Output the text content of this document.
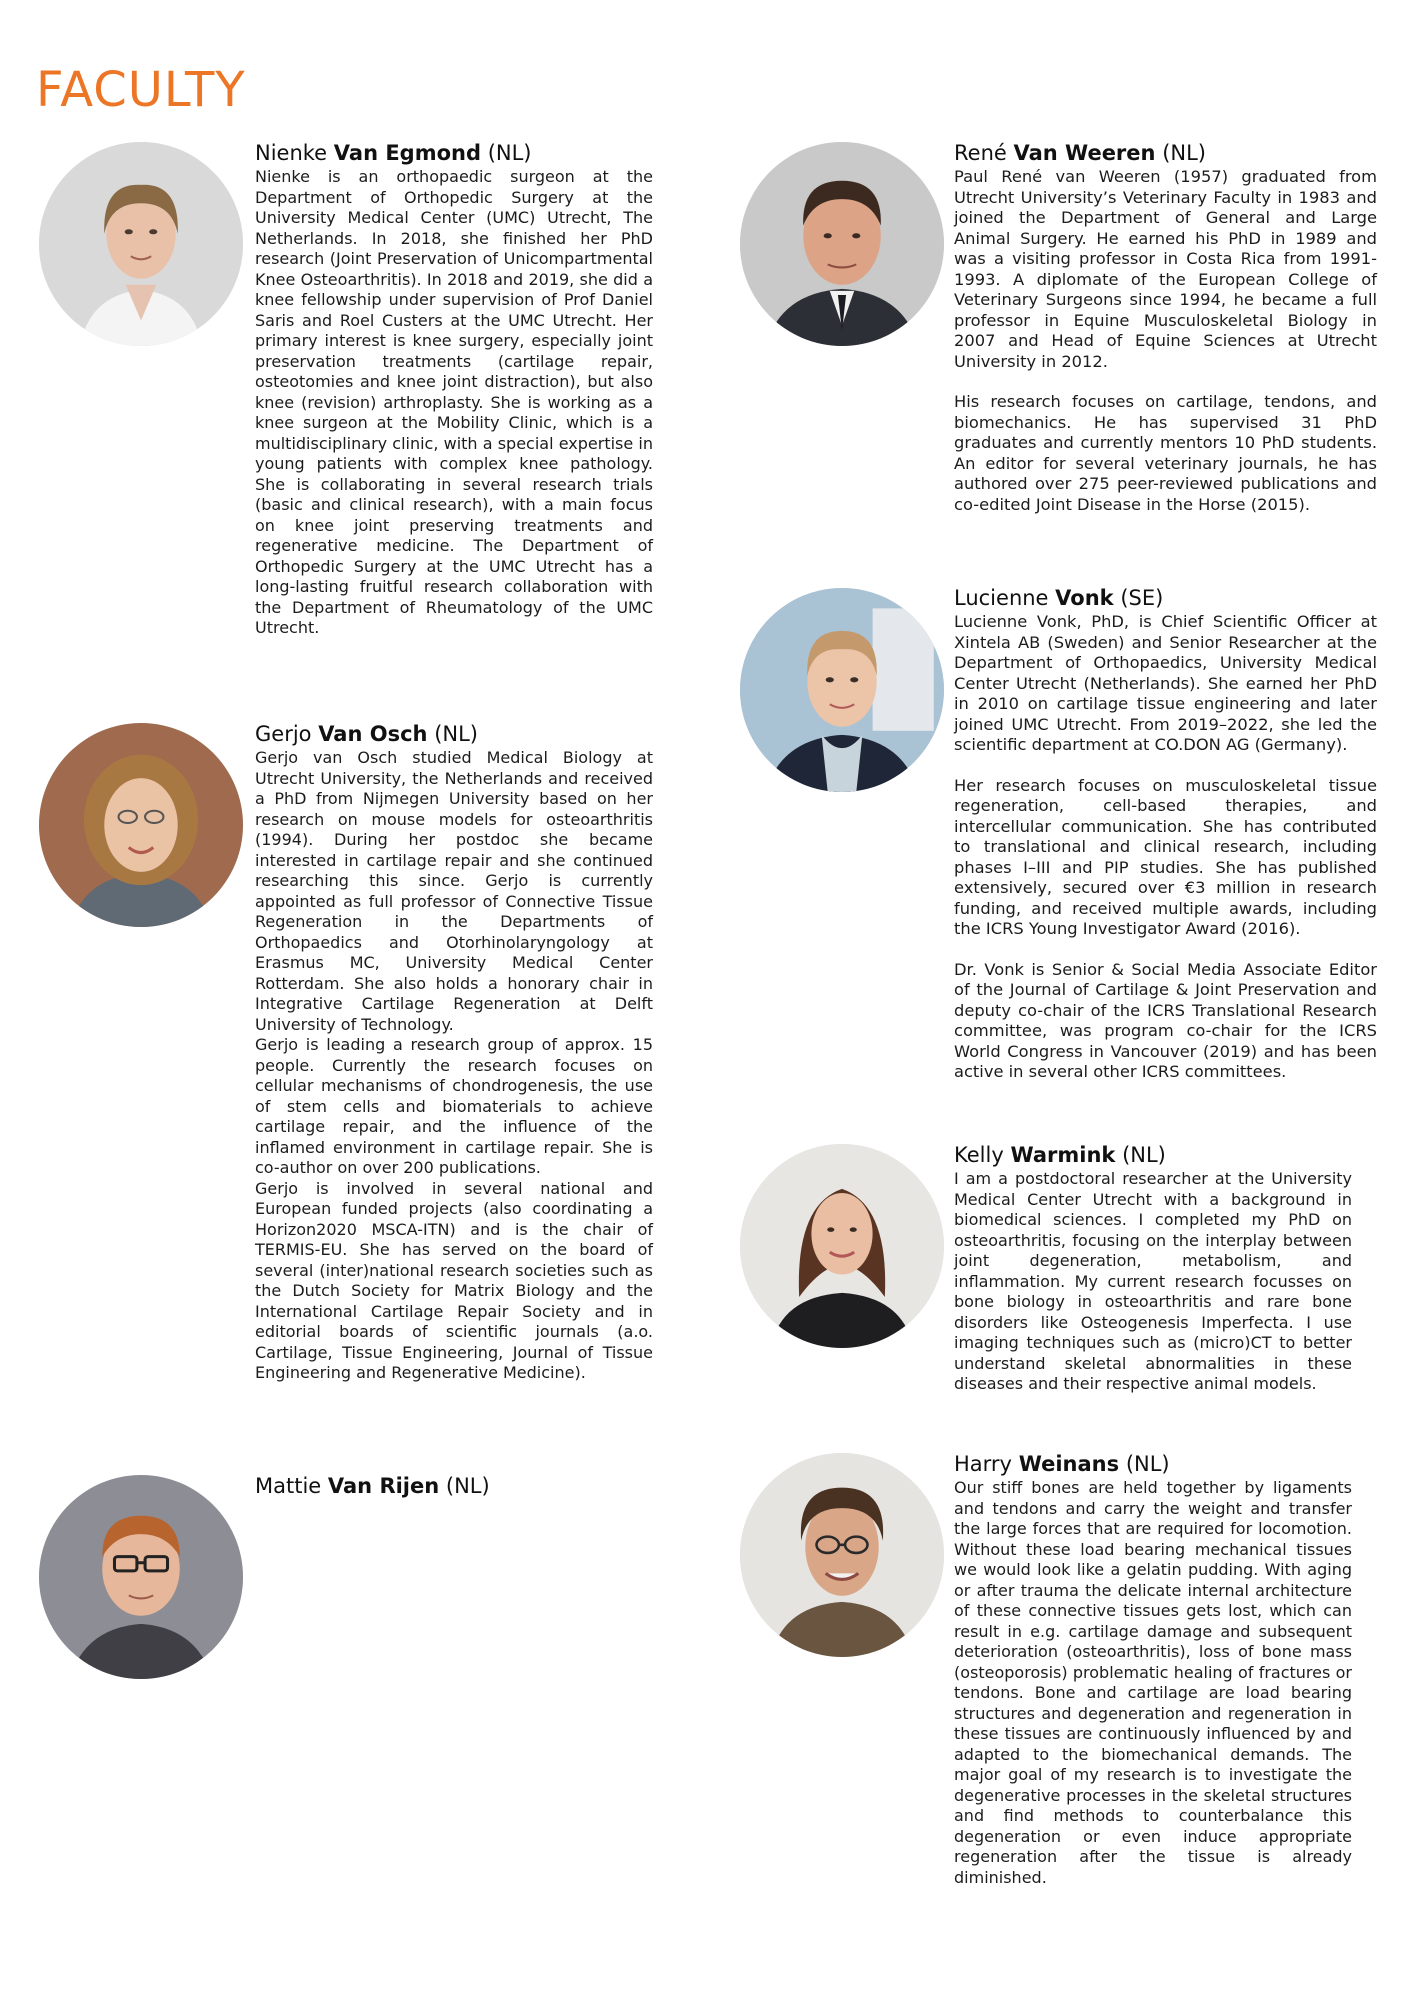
FACULTY
Nienke Van Egmond (NL)

Nienke is an orthopaedic surgeon at the Department of Orthopedic Surgery at the University Medical Center (UMC) Utrecht, The Netherlands. In 2018, she finished her PhD research (Joint Preservation of Unicompartmental Knee Osteoarthritis). In 2018 and 2019, she did a knee fellowship under supervision of Prof Daniel Saris and Roel Custers at the UMC Utrecht. Her primary interest is knee surgery, especially joint preservation treatments (cartilage repair, osteotomies and knee joint distraction), but also knee (revision) arthroplasty. She is working as a knee surgeon at the Mobility Clinic, which is a multidisciplinary clinic, with a special expertise in young patients with complex knee pathology. She is collaborating in several research trials (basic and clinical research), with a main focus on knee joint preserving treatments and regenerative medicine. The Department of Orthopedic Surgery at the UMC Utrecht has a long-lasting fruitful research collaboration with the Department of Rheumatology of the UMC Utrecht.

Gerjo Van Osch (NL)

Gerjo van Osch studied Medical Biology at Utrecht University, the Netherlands and received a PhD from Nijmegen University based on her research on mouse models for osteoarthritis (1994). During her postdoc she became interested in cartilage repair and she continued researching this since. Gerjo is currently appointed as full professor of Connective Tissue Regeneration in the Departments of Orthopaedics and Otorhinolaryngology at Erasmus MC, University Medical Center Rotterdam. She also holds a honorary chair in Integrative Cartilage Regeneration at Delft University of Technology.

Gerjo is leading a research group of approx. 15 people. Currently the research focuses on cellular mechanisms of chondrogenesis, the use of stem cells and biomaterials to achieve cartilage repair, and the influence of the inflamed environment in cartilage repair. She is co-author on over 200 publications.

Gerjo is involved in several national and European funded projects (also coordinating a Horizon2020 MSCA-ITN) and is the chair of TERMIS-EU. She has served on the board of several (inter)national research societies such as the Dutch Society for Matrix Biology and the International Cartilage Repair Society and in editorial boards of scientific journals (a.o. Cartilage, Tissue Engineering, Journal of Tissue Engineering and Regenerative Medicine).

Mattie Van Rijen (NL)
René Van Weeren (NL)

Paul René van Weeren (1957) graduated from Utrecht University’s Veterinary Faculty in 1983 and joined the Department of General and Large Animal Surgery. He earned his PhD in 1989 and was a visiting professor in Costa Rica from 1991-1993. A diplomate of the European College of Veterinary Surgeons since 1994, he became a full professor in Equine Musculoskeletal Biology in 2007 and Head of Equine Sciences at Utrecht University in 2012.

His research focuses on cartilage, tendons, and biomechanics. He has supervised 31 PhD graduates and currently mentors 10 PhD students. An editor for several veterinary journals, he has authored over 275 peer-reviewed publications and co-edited Joint Disease in the Horse (2015).

Lucienne Vonk (SE)

Lucienne Vonk, PhD, is Chief Scientific Officer at Xintela AB (Sweden) and Senior Researcher at the Department of Orthopaedics, University Medical Center Utrecht (Netherlands). She earned her PhD in 2010 on cartilage tissue engineering and later joined UMC Utrecht. From 2019–2022, she led the scientific department at CO.DON AG (Germany).

Her research focuses on musculoskeletal tissue regeneration, cell-based therapies, and intercellular communication. She has contributed to translational and clinical research, including phases I–III and PIP studies. She has published extensively, secured over €3 million in research funding, and received multiple awards, including the ICRS Young Investigator Award (2016).

Dr. Vonk is Senior & Social Media Associate Editor of the Journal of Cartilage & Joint Preservation and deputy co-chair of the ICRS Translational Research committee, was program co-chair for the ICRS World Congress in Vancouver (2019) and has been active in several other ICRS committees.

Kelly Warmink (NL)

I am a postdoctoral researcher at the University Medical Center Utrecht with a background in biomedical sciences. I completed my PhD on osteoarthritis, focusing on the interplay between joint degeneration, metabolism, and inflammation. My current research focusses on bone biology in osteoarthritis and rare bone disorders like Osteogenesis Imperfecta. I use imaging techniques such as (micro)CT to better understand skeletal abnormalities in these diseases and their respective animal models.

Harry Weinans (NL)

Our stiff bones are held together by ligaments and tendons and carry the weight and transfer the large forces that are required for locomotion. Without these load bearing mechanical tissues we would look like a gelatin pudding. With aging or after trauma the delicate internal architecture of these connective tissues gets lost, which can result in e.g. cartilage damage and subsequent deterioration (osteoarthritis), loss of bone mass (osteoporosis) problematic healing of fractures or tendons. Bone and cartilage are load bearing structures and degeneration and regeneration in these tissues are continuously influenced by and adapted to the biomechanical demands. The major goal of my research is to investigate the degenerative processes in the skeletal structures and find methods to counterbalance this degeneration or even induce appropriate regeneration after the tissue is already diminished.
